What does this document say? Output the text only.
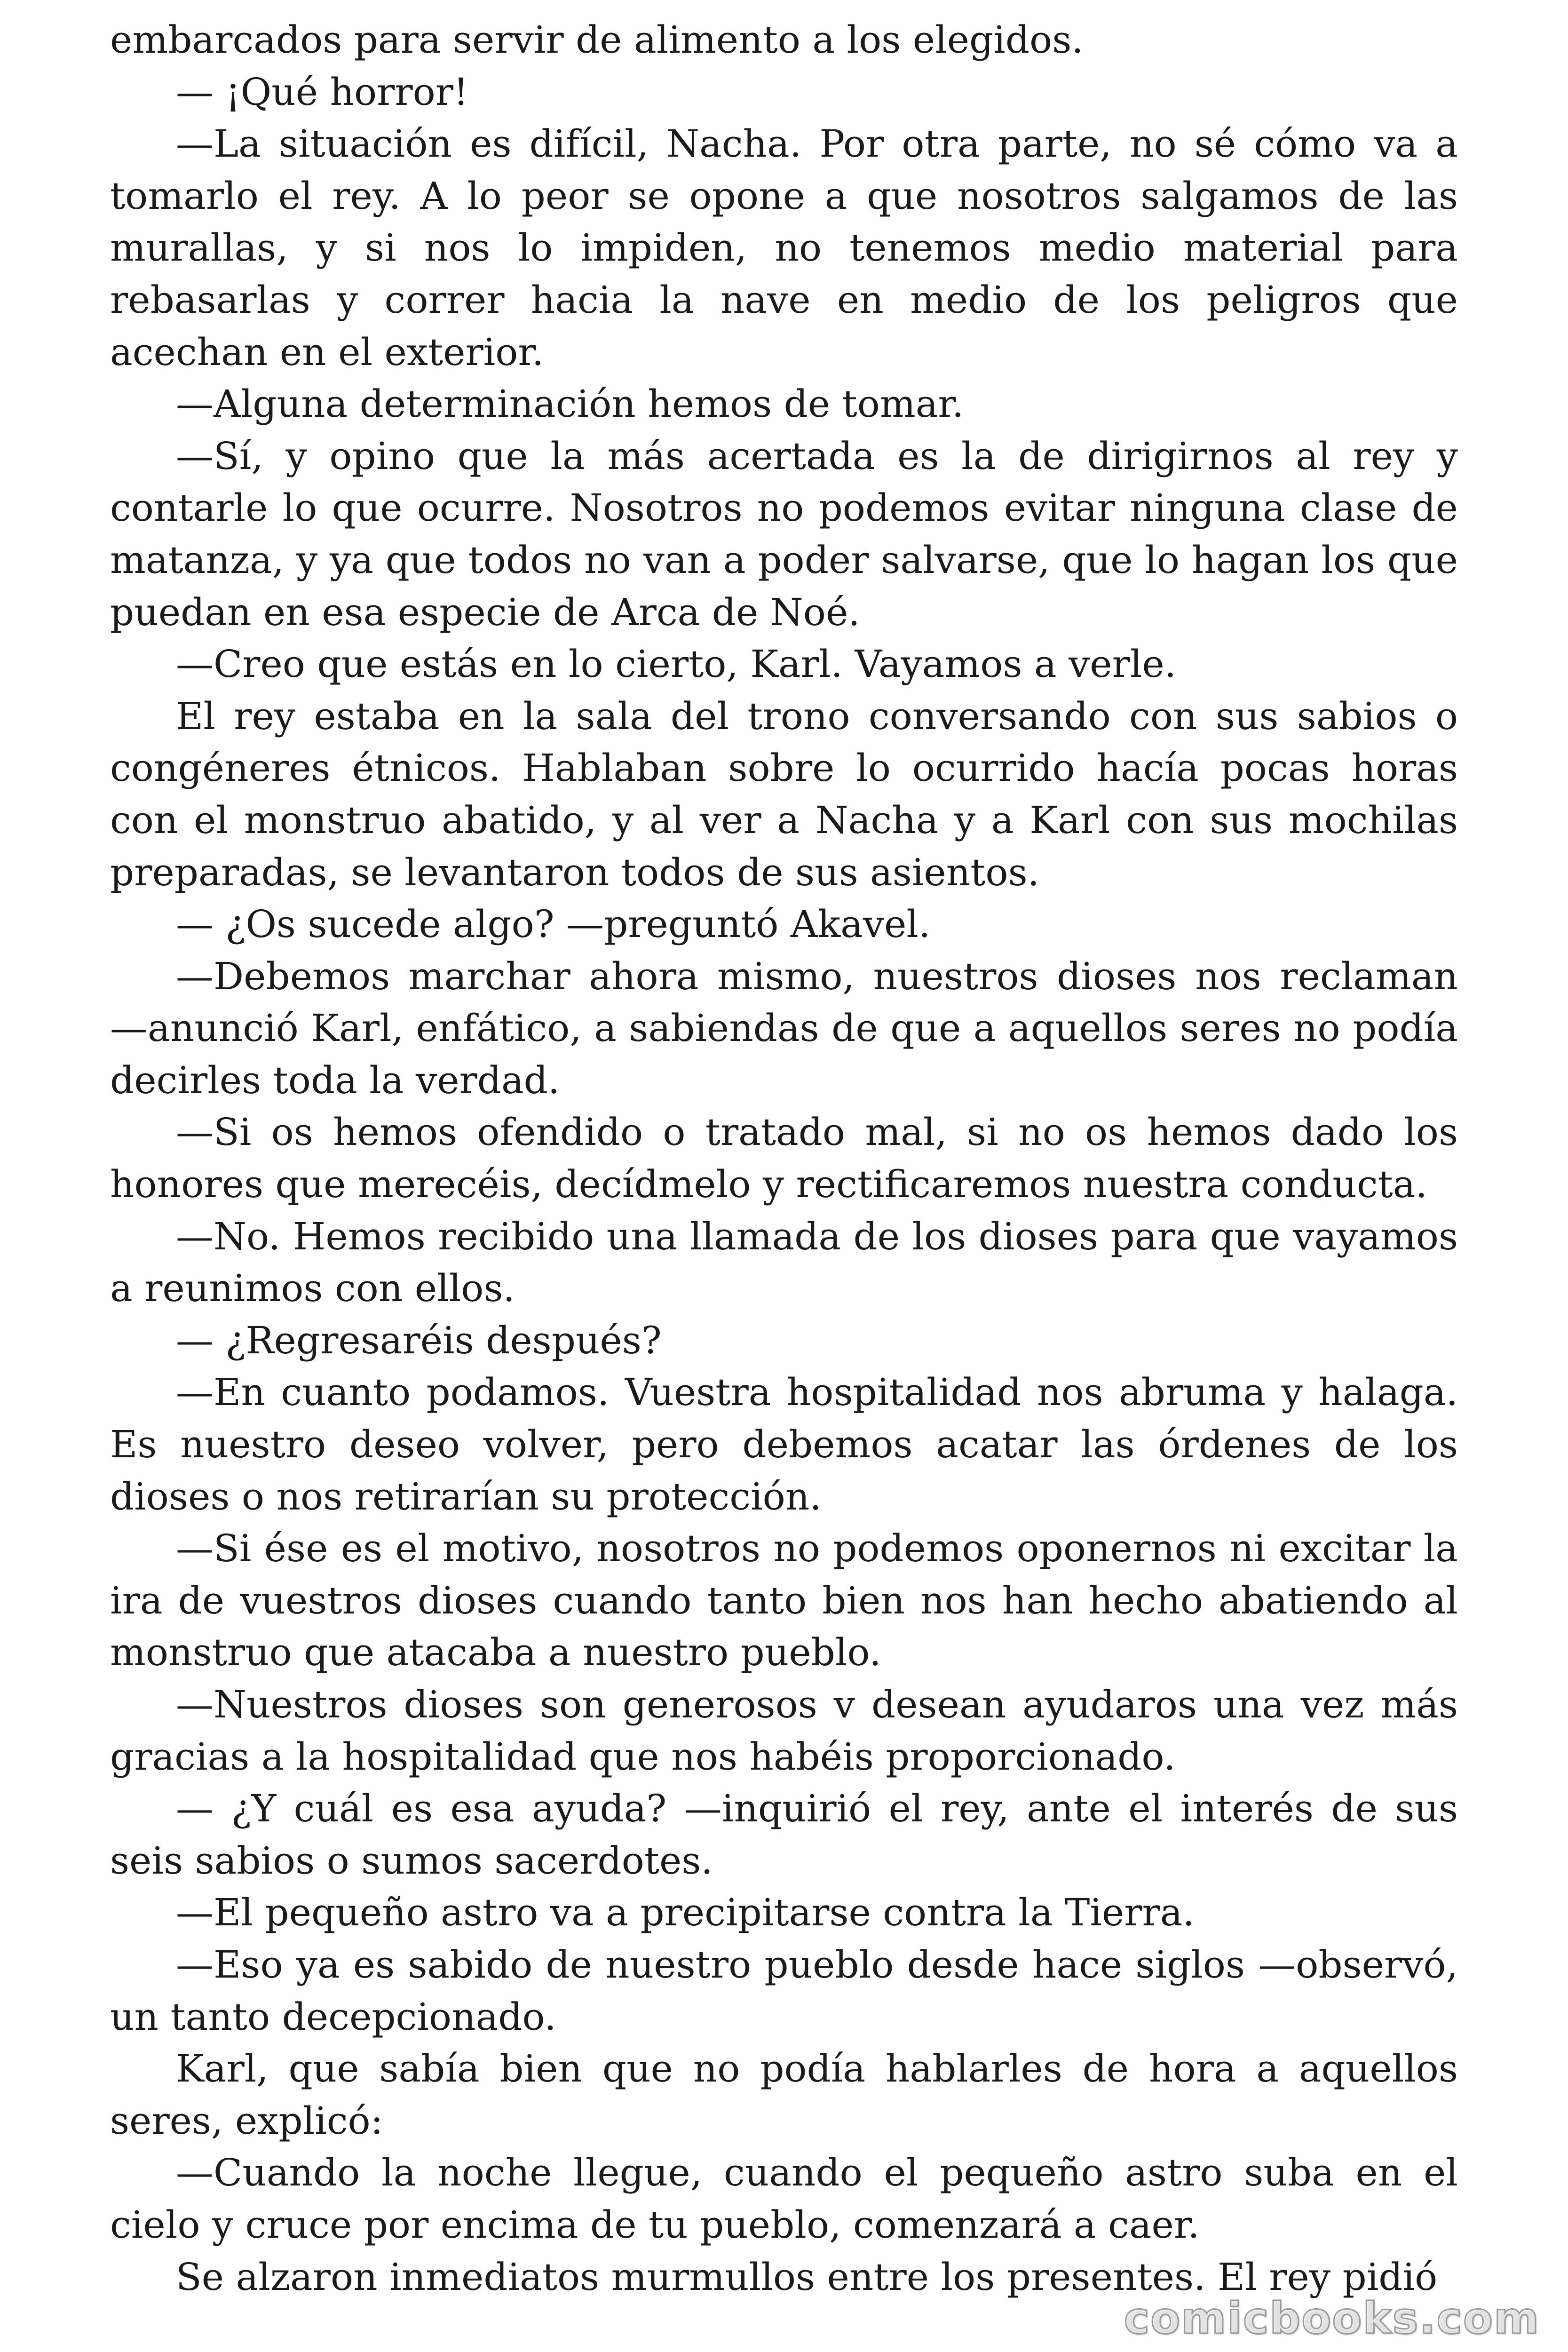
embarcados para servir de alimento a los elegidos.

— ¡Qué horror!

—La situación es difícil, Nacha. Por otra parte, no sé cómo va a tomarlo el rey. A lo peor se opone a que nosotros salgamos de las murallas, y si nos lo impiden, no tenemos medio material para rebasarlas y correr hacia la nave en medio de los peligros que acechan en el exterior.

—Alguna determinación hemos de tomar.

—Sí, y opino que la más acertada es la de dirigirnos al rey y contarle lo que ocurre. Nosotros no podemos evitar ninguna clase de matanza, y ya que todos no van a poder salvarse, que lo hagan los que puedan en esa especie de Arca de Noé.

—Creo que estás en lo cierto, Karl. Vayamos a verle.

El rey estaba en la sala del trono conversando con sus sabios o congéneres étnicos. Hablaban sobre lo ocurrido hacía pocas horas con el monstruo abatido, y al ver a Nacha y a Karl con sus mochilas preparadas, se levantaron todos de sus asientos.

— ¿Os sucede algo? —preguntó Akavel.

—Debemos marchar ahora mismo, nuestros dioses nos reclaman —anunció Karl, enfático, a sabiendas de que a aquellos seres no podía decirles toda la verdad.

—Si os hemos ofendido o tratado mal, si no os hemos dado los honores que merecéis, decídmelo y rectificaremos nuestra conducta.

—No. Hemos recibido una llamada de los dioses para que vayamos a reunimos con ellos.

— ¿Regresaréis después?

—En cuanto podamos. Vuestra hospitalidad nos abruma y halaga. Es nuestro deseo volver, pero debemos acatar las órdenes de los dioses o nos retirarían su protección.

—Si ése es el motivo, nosotros no podemos oponernos ni excitar la ira de vuestros dioses cuando tanto bien nos han hecho abatiendo al monstruo que atacaba a nuestro pueblo.

—Nuestros dioses son generosos v desean ayudaros una vez más gracias a la hospitalidad que nos habéis proporcionado.

— ¿Y cuál es esa ayuda? —inquirió el rey, ante el interés de sus seis sabios o sumos sacerdotes.

—El pequeño astro va a precipitarse contra la Tierra.

—Eso ya es sabido de nuestro pueblo desde hace siglos —observó, un tanto decepcionado.

Karl, que sabía bien que no podía hablarles de hora a aquellos seres, explicó:

—Cuando la noche llegue, cuando el pequeño astro suba en el cielo y cruce por encima de tu pueblo, comenzará a caer.

Se alzaron inmediatos murmullos entre los presentes. El rey pidió

comicbooks.com
